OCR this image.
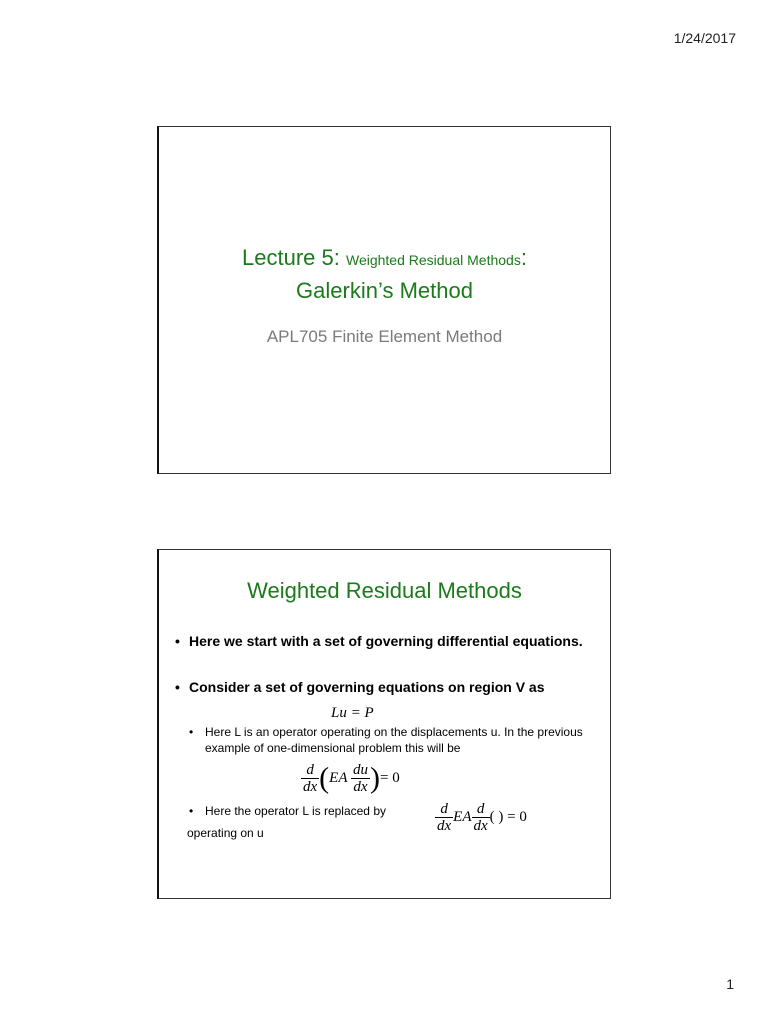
1/24/2017
Lecture 5: Weighted Residual Methods:
Galerkin’s Method
APL705 Finite Element Method
Weighted Residual Methods
• Here we start with a set of governing differential equations.
• Consider a set of governing equations on region V as
Lu = P
• Here L is an operator operating on the displacements u. In the previous example of one-dimensional problem this will be
$\frac{d}{dx} (EA \frac{du}{dx}$ )= 0
• Here the operator L is replaced by
operating on u	$\frac{d}{dx}$ EA $\frac{d}{dx}$ ( ) = 0
1
